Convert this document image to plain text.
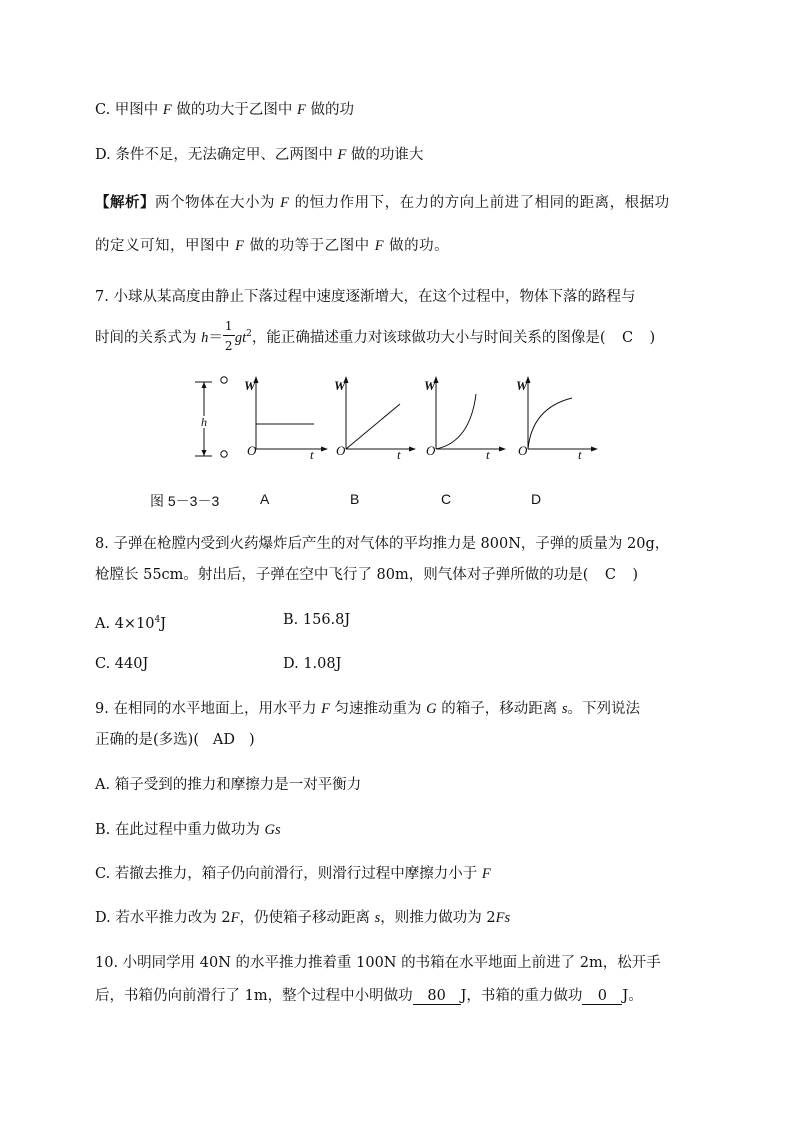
C. 甲图中 F 做的功大于乙图中 F 做的功
D. 条件不足，无法确定甲、乙两图中 F 做的功谁大
【解析】两个物体在大小为 F 的恒力作用下，在力的方向上前进了相同的距离，根据功
的定义可知，甲图中 F 做的功等于乙图中 F 做的功。
7. 小球从某高度由静止下落过程中速度逐渐增大，在这个过程中，物体下落的路程与
时间的关系式为 $h= \frac{1}{2} gt^2$，能正确描述重力对该球做功大小与时间关系的图像是( C )
h
W
O	t
W
O	t
W
O	t
W
O	t
图 5－3－3	A	B	C	D
8. 子弹在枪膛内受到火药爆炸后产生的对气体的平均推力是 800N，子弹的质量为 20g，
枪膛长 55cm。射出后，子弹在空中飞行了 80m，则气体对子弹所做的功是( C )
A. $4\times 10^4J$	B. 156.8J
C. 440J	D. 1.08J
9. 在相同的水平地面上，用水平力 F 匀速推动重为 G 的箱子，移动距离 s。下列说法
正确的是(多选)( AD )
A. 箱子受到的推力和摩擦力是一对平衡力
B. 在此过程中重力做功为 Gs
C. 若撤去推力，箱子仍向前滑行，则滑行过程中摩擦力小于 F
D. 若水平推力改为 2F，仍使箱子移动距离 s，则推力做功为 2Fs
10. 小明同学用 40N 的水平推力推着重 100N 的书箱在水平地面上前进了 2m，松开手
后，书箱仍向前滑行了 1m，整个过程中小明做功 80 J，书箱的重力做功 0 J。
